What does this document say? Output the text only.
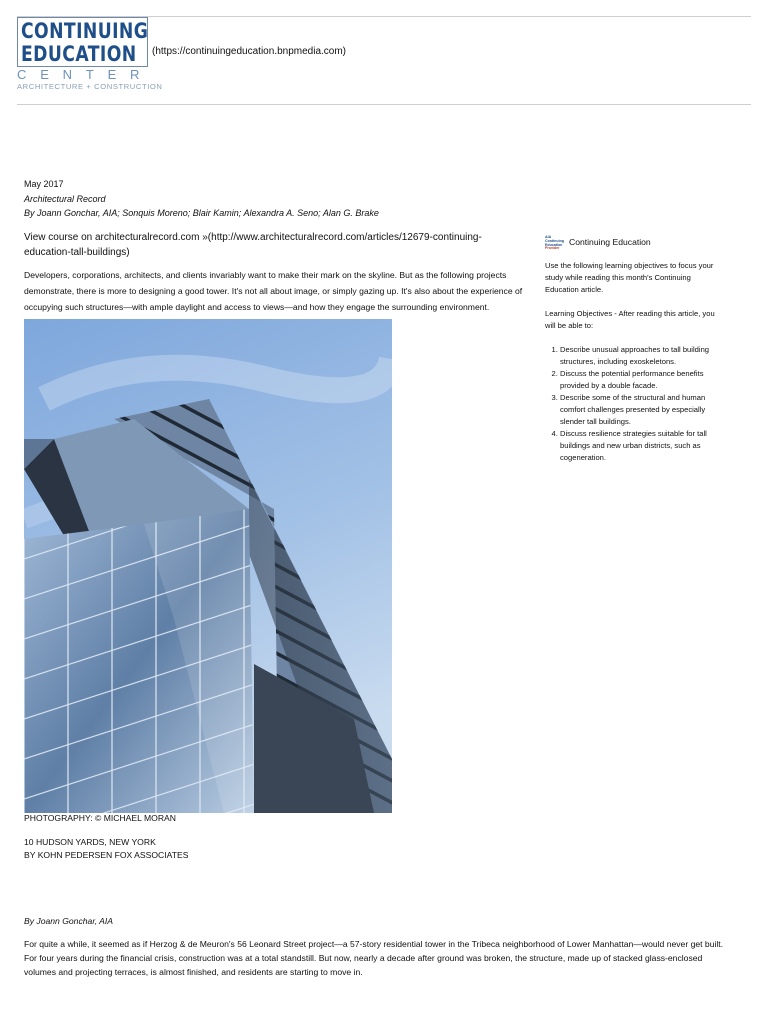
CONTINUING
EDUCATION
CENTER
ARCHITECTURE + CONSTRUCTION
(https://continuingeducation.bnpmedia.com)
May 2017
Architectural Record
By Joann Gonchar, AIA; Sonquis Moreno; Blair Kamin; Alexandra A. Seno; Alan G. Brake
View course on architecturalrecord.com »(http://www.architecturalrecord.com/articles/12679-continuing-education-tall-buildings)
Developers, corporations, architects, and clients invariably want to make their mark on the skyline. But as the following projects demonstrate, there is more to designing a good tower. It's not all about image, or simply gazing up. It's also about the experience of occupying such structures—with ample daylight and access to views—and how they engage the surrounding environment.
PHOTOGRAPHY: © MICHAEL MORAN
10 HUDSON YARDS, NEW YORK
BY KOHN PEDERSEN FOX ASSOCIATES
By Joann Gonchar, AIA
For quite a while, it seemed as if Herzog & de Meuron's 56 Leonard Street project—a 57-story residential tower in the Tribeca neighborhood of Lower Manhattan—would never get built. For four years during the financial crisis, construction was at a total standstill. But now, nearly a decade after ground was broken, the structure, made up of stacked glass-enclosed volumes and projecting terraces, is almost finished, and residents are starting to move in.
AIA
Continuing
Education
Provider
Continuing Education
Use the following learning objectives to focus your study while reading this month's Continuing Education article.
Learning Objectives - After reading this article, you will be able to:
1. Describe unusual approaches to tall building structures, including exoskeletons.
2. Discuss the potential performance benefits provided by a double facade.
3. Describe some of the structural and human comfort challenges presented by especially slender tall buildings.
4. Discuss resilience strategies suitable for tall buildings and new urban districts, such as cogeneration.
